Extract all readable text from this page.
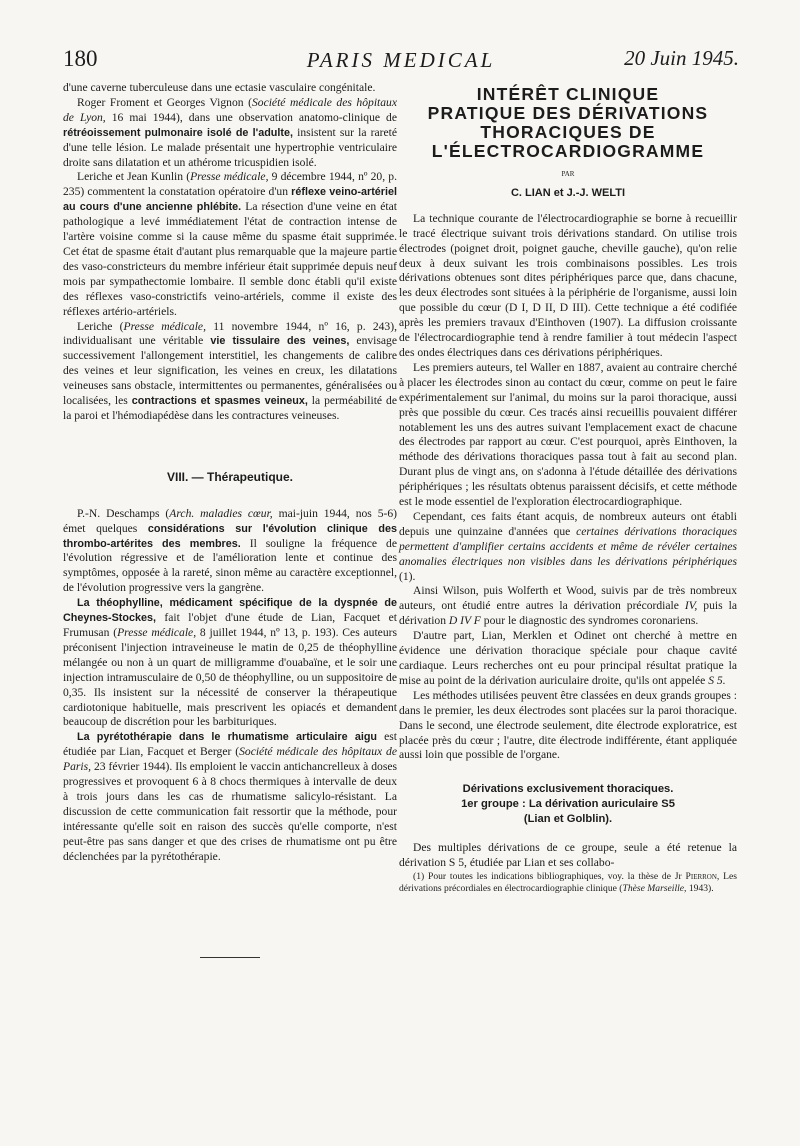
180	PARIS MEDICAL	20 Juin 1945.

d'une caverne tuberculeuse dans une ectasie vasculaire congénitale.

Roger Froment et Georges Vignon (Société médicale des hôpitaux de Lyon, 16 mai 1944), dans une observation anatomo-clinique de rétréoissement pulmonaire isolé de l'adulte, insistent sur la rareté d'une telle lésion. Le malade présentait une hypertrophie ventriculaire droite sans dilatation et un athérome tricuspidien isolé.

Leriche et Jean Kunlin (Presse médicale, 9 décembre 1944, nº 20, p. 235) commentent la constatation opératoire d'un réflexe veino-artériel au cours d'une ancienne phlébite. La résection d'une veine en état pathologique a levé immédiatement l'état de contraction intense de l'artère voisine comme si la cause même du spasme était supprimée. Cet état de spasme était d'autant plus remarquable que la majeure partie des vaso-constricteurs du membre inférieur était supprimée depuis neuf mois par sympathectomie lombaire. Il semble donc établi qu'il existe des réflexes vaso-constrictifs veino-artériels, comme il existe des réflexes artério-artériels.

Leriche (Presse médicale, 11 novembre 1944, nº 16, p. 243), individualisant une véritable vie tissulaire des veines, envisage successivement l'allongement interstitiel, les changements de calibre des veines et leur signification, les veines en creux, les dilatations veineuses sans obstacle, intermittentes ou permanentes, généralisées ou localisées, les contractions et spasmes veineux, la perméabilité de la paroi et l'hémodiapédèse dans les contractures veineuses.

VIII. — Thérapeutique.

P.-N. Deschamps (Arch. maladies cœur, mai-juin 1944, nos 5-6) émet quelques considérations sur l'évolution clinique des thrombo-artérites des membres. Il souligne la fréquence de l'évolution régressive et de l'amélioration lente et continue des symptômes, opposée à la rareté, sinon même au caractère exceptionnel, de l'évolution progressive vers la gangrène.

La théophylline, médicament spécifique de la dyspnée de Cheynes-Stockes, fait l'objet d'une étude de Lian, Facquet et Frumusan (Presse médicale, 8 juillet 1944, nº 13, p. 193). Ces auteurs préconisent l'injection intraveineuse le matin de 0,25 de théophylline mélangée ou non à un quart de milligramme d'ouabaïne, et le soir une injection intramusculaire de 0,50 de théophylline, ou un suppositoire de 0,35. Ils insistent sur la nécessité de conserver la thérapeutique cardiotonique habituelle, mais prescrivent les opiacés et demandent beaucoup de discrétion pour les barbituriques.

La pyrétothérapie dans le rhumatisme articulaire aigu est étudiée par Lian, Facquet et Berger (Société médicale des hôpitaux de Paris, 23 février 1944). Ils emploient le vaccin antichancrelleux à doses progressives et provoquent 6 à 8 chocs thermiques à intervalle de deux à trois jours dans les cas de rhumatisme salicylo-résistant. La discussion de cette communication fait ressortir que la méthode, pour intéressante qu'elle soit en raison des succès qu'elle comporte, n'est peut-être pas sans danger et que des crises de rhumatisme ont pu être déclenchées par la pyrétothérapie.

INTÉRÊT CLINIQUE
PRATIQUE DES DÉRIVATIONS
THORACIQUES DE
L'ÉLECTROCARDIOGRAMME
PAR
C. LIAN et J.-J. WELTI

La technique courante de l'électrocardiographie se borne à recueillir le tracé électrique suivant trois dérivations standard. On utilise trois électrodes (poignet droit, poignet gauche, cheville gauche), qu'on relie deux à deux suivant les trois combinaisons possibles. Les trois dérivations obtenues sont dites périphériques parce que, dans chacune, les deux électrodes sont situées à la périphérie de l'organisme, aussi loin que possible du cœur (D I, D II, D III). Cette technique a été codifiée après les premiers travaux d'Einthoven (1907). La diffusion croissante de l'électrocardiographie tend à rendre familier à tout médecin l'aspect des ondes électriques dans ces dérivations périphériques.

Les premiers auteurs, tel Waller en 1887, avaient au contraire cherché à placer les électrodes sinon au contact du cœur, comme on peut le faire expérimentalement sur l'animal, du moins sur la paroi thoracique, aussi près que possible du cœur. Ces tracés ainsi recueillis pouvaient différer notablement les uns des autres suivant l'emplacement exact de chacune des électrodes par rapport au cœur. C'est pourquoi, après Einthoven, la méthode des dérivations thoraciques passa tout à fait au second plan. Durant plus de vingt ans, on s'adonna à l'étude détaillée des dérivations périphériques ; les résultats obtenus paraissent décisifs, et cette méthode est le mode essentiel de l'exploration électrocardiographique.

Cependant, ces faits étant acquis, de nombreux auteurs ont établi depuis une quinzaine d'années que certaines dérivations thoraciques permettent d'amplifier certains accidents et même de révéler certaines anomalies électriques non visibles dans les dérivations périphériques (1).

Ainsi Wilson, puis Wolferth et Wood, suivis par de très nombreux auteurs, ont étudié entre autres la dérivation précordiale IV, puis la dérivation D IV F pour le diagnostic des syndromes coronariens.

D'autre part, Lian, Merklen et Odinet ont cherché à mettre en évidence une dérivation thoracique spéciale pour chaque cavité cardiaque. Leurs recherches ont eu pour principal résultat pratique la mise au point de la dérivation auriculaire droite, qu'ils ont appelée S 5.

Les méthodes utilisées peuvent être classées en deux grands groupes : dans le premier, les deux électrodes sont placées sur la paroi thoracique. Dans le second, une électrode seulement, dite électrode exploratrice, est placée près du cœur ; l'autre, dite électrode indifférente, étant appliquée aussi loin que possible de l'organe.

Dérivations exclusivement thoraciques.
1er groupe : La dérivation auriculaire S5
(Lian et Golblin).

Des multiples dérivations de ce groupe, seule a été retenue la dérivation S 5, étudiée par Lian et ses collabo-

(1) Pour toutes les indications bibliographiques, voy. la thèse de Jr Pierron, Les dérivations précordiales en électrocardiographie clinique (Thèse Marseille, 1943).
